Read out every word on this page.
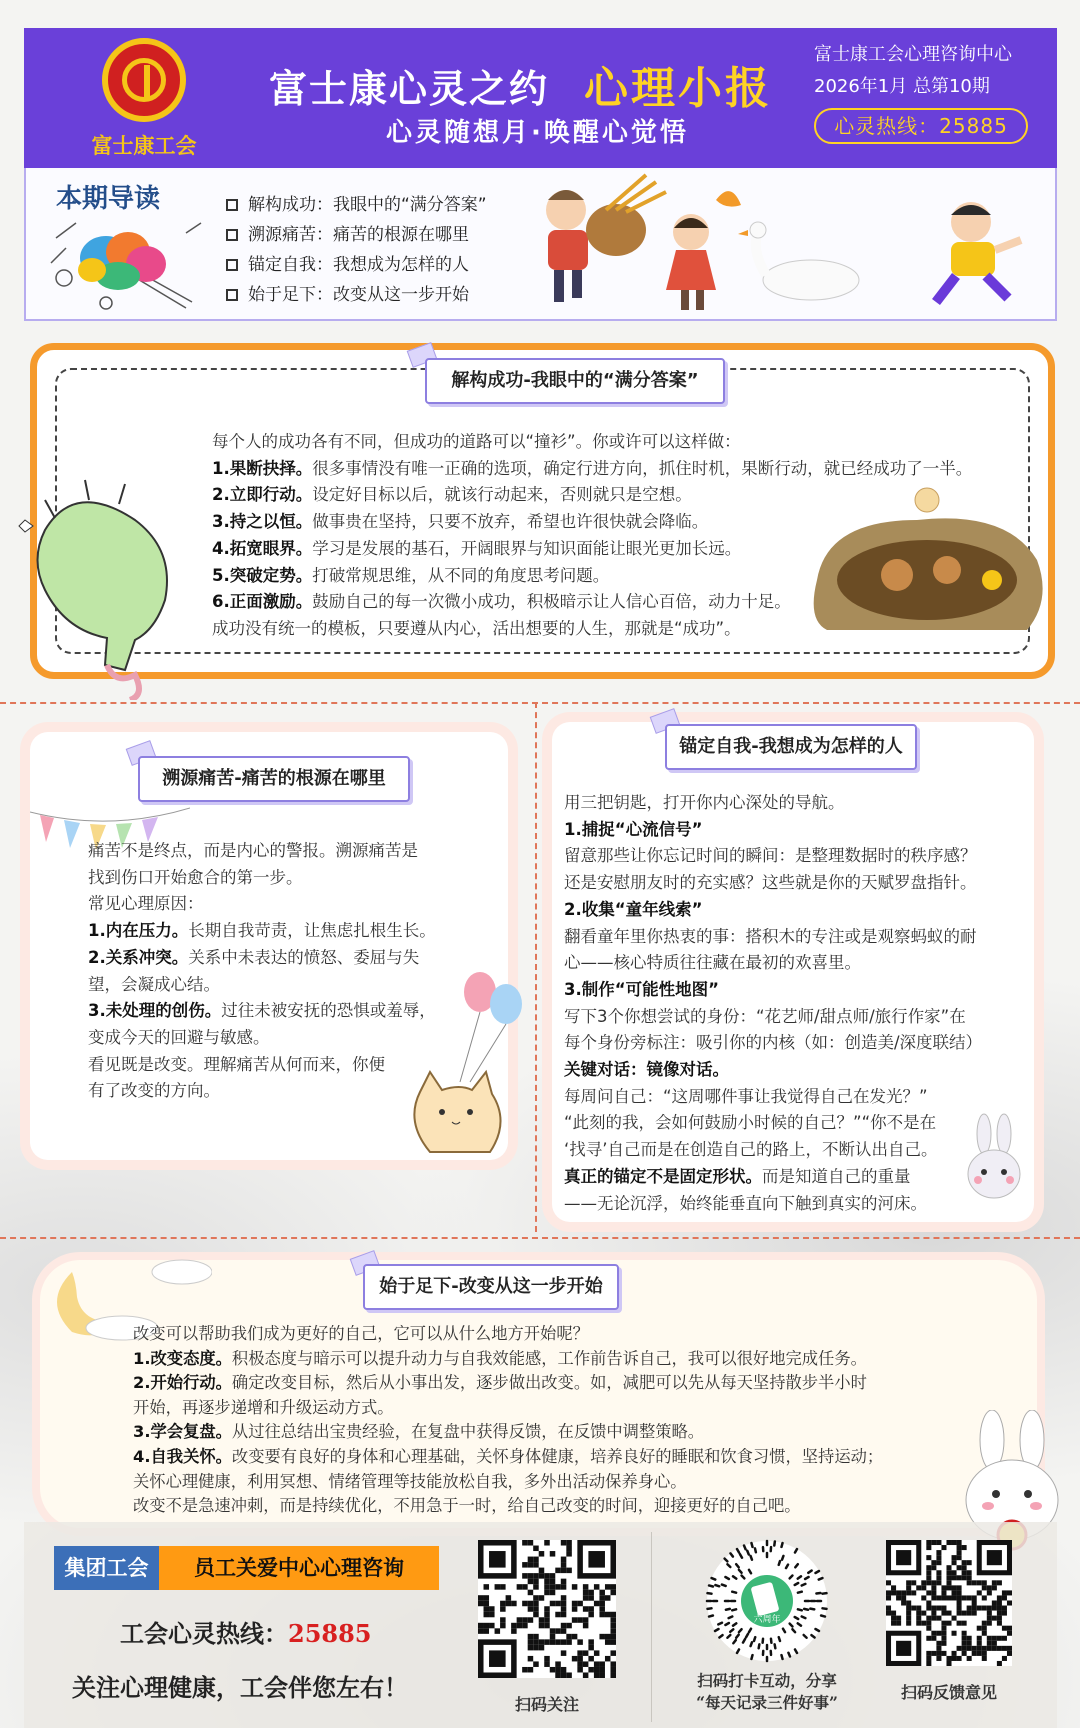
富士康工会
富士康心灵之约 心理小报
心灵随想月·唤醒心觉悟
富士康工会心理咨询中心
2026年1月 总第10期
心灵热线：25885
本期导读	解构成功：我眼中的“满分答案”
溯源痛苦：痛苦的根源在哪里
锚定自我：我想成为怎样的人
始于足下：改变从这一步开始
解构成功-我眼中的“满分答案”
每个人的成功各有不同，但成功的道路可以“撞衫”。你或许可以这样做：
1.果断抉择。很多事情没有唯一正确的选项，确定行进方向，抓住时机，果断行动，就已经成功了一半。
2.立即行动。设定好目标以后，就该行动起来，否则就只是空想。
3.持之以恒。做事贵在坚持，只要不放弃，希望也许很快就会降临。
4.拓宽眼界。学习是发展的基石，开阔眼界与知识面能让眼光更加长远。
5.突破定势。打破常规思维，从不同的角度思考问题。
6.正面激励。鼓励自己的每一次微小成功，积极暗示让人信心百倍，动力十足。
成功没有统一的模板，只要遵从内心，活出想要的人生，那就是“成功”。
溯源痛苦-痛苦的根源在哪里
痛苦不是终点，而是内心的警报。溯源痛苦是
找到伤口开始愈合的第一步。
常见心理原因：
1.内在压力。长期自我苛责，让焦虑扎根生长。
2.关系冲突。关系中未表达的愤怒、委屈与失
望，会凝成心结。
3.未处理的创伤。过往未被安抚的恐惧或羞辱，
变成今天的回避与敏感。
看见既是改变。理解痛苦从何而来，你便
有了改变的方向。
锚定自我-我想成为怎样的人
用三把钥匙，打开你内心深处的导航。
1.捕捉“心流信号”
留意那些让你忘记时间的瞬间：是整理数据时的秩序感？
还是安慰朋友时的充实感？这些就是你的天赋罗盘指针。
2.收集“童年线索”
翻看童年里你热衷的事：搭积木的专注或是观察蚂蚁的耐
心——核心特质往往藏在最初的欢喜里。
3.制作“可能性地图”
写下3个你想尝试的身份：“花艺师/甜点师/旅行作家”在
每个身份旁标注：吸引你的内核（如：创造美/深度联结）
关键对话：镜像对话。
每周问自己：“这周哪件事让我觉得自己在发光？”
“此刻的我，会如何鼓励小时候的自己？”“你不是在
‘找寻’自己而是在创造自己的路上，不断认出自己。
真正的锚定不是固定形状。而是知道自己的重量
——无论沉浮，始终能垂直向下触到真实的河床。
始于足下-改变从这一步开始
改变可以帮助我们成为更好的自己，它可以从什么地方开始呢？
1.改变态度。积极态度与暗示可以提升动力与自我效能感，工作前告诉自己，我可以很好地完成任务。
2.开始行动。确定改变目标，然后从小事出发，逐步做出改变。如，减肥可以先从每天坚持散步半小时
开始，再逐步递增和升级运动方式。
3.学会复盘。从过往总结出宝贵经验，在复盘中获得反馈，在反馈中调整策略。
4.自我关怀。改变要有良好的身体和心理基础，关怀身体健康，培养良好的睡眠和饮食习惯，坚持运动；
关怀心理健康，利用冥想、情绪管理等技能放松自我，多外出活动保养身心。
改变不是急速冲刺，而是持续优化，不用急于一时，给自己改变的时间，迎接更好的自己吧。
集团工会	员工关爱中心心理咨询
工会心灵热线：25885
关注心理健康，工会伴您左右！
扫码关注
六周年
扫码打卡互动，分享
“每天记录三件好事”
扫码反馈意见
